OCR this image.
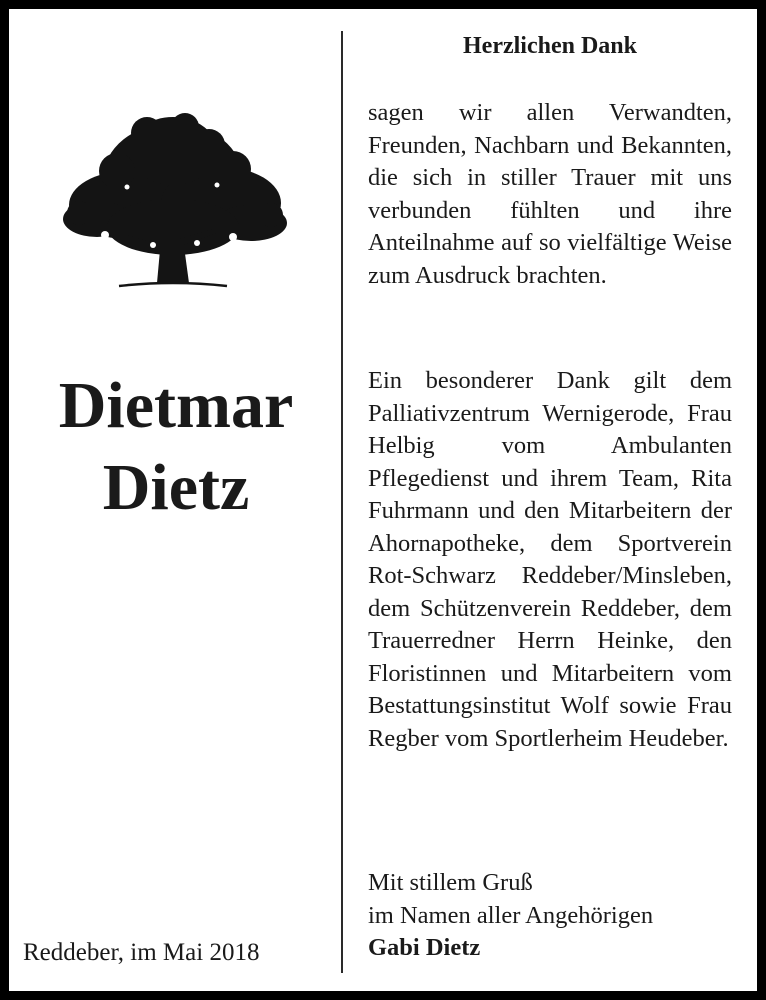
Dietmar
Dietz
Reddeber, im Mai 2018
Herzlichen Dank

sagen wir allen Verwandten, Freunden, Nachbarn und Bekannten, die sich in stiller Trauer mit uns verbunden fühlten und ihre Anteilnahme auf so vielfältige Weise zum Ausdruck brachten.

Ein besonderer Dank gilt dem Palliativzentrum Wernigerode, Frau Helbig vom Ambulanten Pflegedienst und ihrem Team, Rita Fuhrmann und den Mitarbeitern der Ahornapotheke, dem Sportverein Rot-Schwarz Reddeber/Minsleben, dem Schützenverein Reddeber, dem Trauerredner Herrn Heinke, den Floristinnen und Mitarbeitern vom Bestattungsinstitut Wolf sowie Frau Regber vom Sportlerheim Heudeber.

Mit stillem Gruß
im Namen aller Angehörigen
Gabi Dietz
